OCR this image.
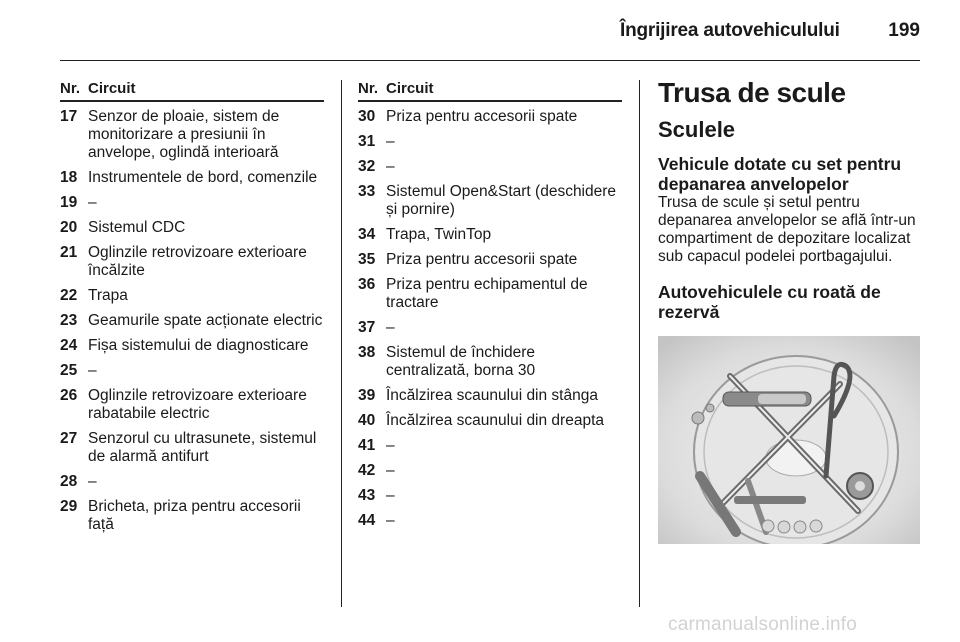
Îngrijirea autovehiculului	199
Nr. Circuit
17 Senzor de ploaie, sistem de monitorizare a presiunii în anvelope, oglindă interioară
18 Instrumentele de bord, comenzile
19 –
20 Sistemul CDC
21 Oglinzile retrovizoare exterioare încălzite
22 Trapa
23 Geamurile spate acționate electric
24 Fișa sistemului de diagnosticare
25 –
26 Oglinzile retrovizoare exterioare rabatabile electric
27 Senzorul cu ultrasunete, sistemul de alarmă antifurt
28 –
29 Bricheta, priza pentru accesorii față
Nr. Circuit
30 Priza pentru accesorii spate
31 –
32 –
33 Sistemul Open&Start (deschidere și pornire)
34 Trapa, TwinTop
35 Priza pentru accesorii spate
36 Priza pentru echipamentul de tractare
37 –
38 Sistemul de închidere centralizată, borna 30
39 Încălzirea scaunului din stânga
40 Încălzirea scaunului din dreapta
41 –
42 –
43 –
44 –
Trusa de scule
Sculele
Vehicule dotate cu set pentru depanarea anvelopelor
Trusa de scule și setul pentru depanarea anvelopelor se află într-un compartiment de depozitare localizat sub capacul podelei portbagajului.
Autovehiculele cu roată de rezervă
carmanualsonline.info
